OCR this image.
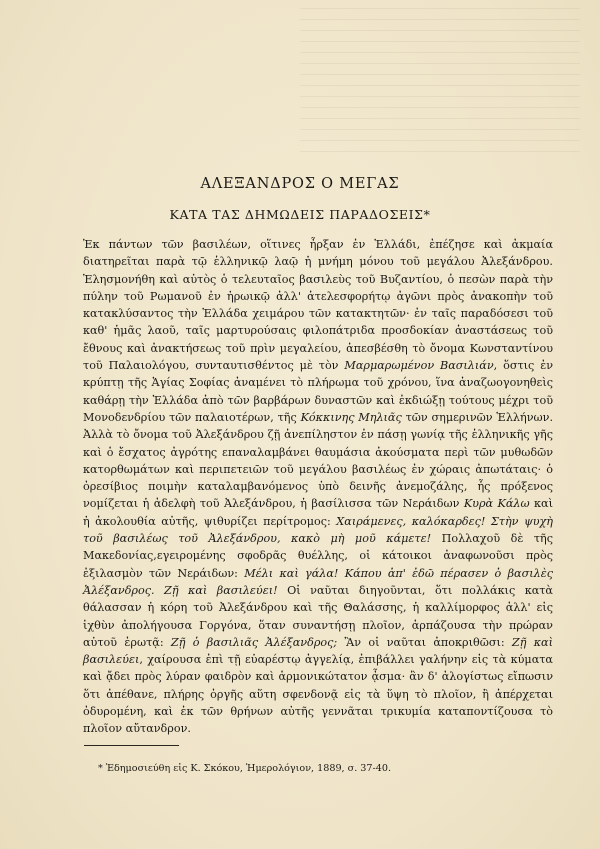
ΑΛΕΞΑΝΔΡΟΣ Ο ΜΕΓΑΣ
ΚΑΤΑ ΤΑΣ ΔΗΜΩΔΕΙΣ ΠΑΡΑΔΟΣΕΙΣ*
Ἐκ πάντων τῶν βασιλέων, οἵτινες ἦρξαν ἐν Ἑλλάδι, ἐπέζησε καὶ ἀκμαία διατηρεῖται παρὰ τῷ ἑλληνικῷ λαῷ ἡ μνήμη μόνου τοῦ μεγάλου Ἀλεξάνδρου. Ἐλησμονήθη καὶ αὐτὸς ὁ τελευταῖος βασιλεὺς τοῦ Βυζαντίου, ὁ πεσὼν παρὰ τὴν πύλην τοῦ Ρωμανοῦ ἐν ἡρωικῷ ἀλλ' ἀτελεσφορήτῳ ἀγῶνι πρὸς ἀνακοπὴν τοῦ κατακλύσαντος τὴν Ἑλλάδα χειμάρου τῶν κατακτητῶν· ἐν ταῖς παραδόσεσι τοῦ καθ' ἡμᾶς λαοῦ, ταῖς μαρτυρούσαις φιλοπάτριδα προσδοκίαν ἀναστάσεως τοῦ ἔθνους καὶ ἀνακτήσεως τοῦ πρὶν μεγαλείου, ἀπεσβέσθη τὸ ὄνομα Κωνσταντίνου τοῦ Παλαιολόγου, συνταυτισθέντος μὲ τὸν Μαρμαρωμένον Βασιλιάν, ὅστις ἐν κρύπτῃ τῆς Ἁγίας Σοφίας ἀναμένει τὸ πλήρωμα τοῦ χρόνου, ἵνα ἀναζωογονηθεὶς καθάρῃ τὴν Ἑλλάδα ἀπὸ τῶν βαρβάρων δυναστῶν καὶ ἐκδιώξῃ τούτους μέχρι τοῦ Μονοδενδρίου τῶν παλαιοτέρων, τῆς Κόκκινης Μηλιᾶς τῶν σημερινῶν Ἑλλήνων. Ἀλλὰ τὸ ὄνομα τοῦ Ἀλεξάνδρου ζῇ ἀνεπίληστον ἐν πάσῃ γωνίᾳ τῆς ἑλληνικῆς γῆς καὶ ὁ ἔσχατος ἀγρότης επαναλαμβάνει θαυμάσια ἀκούσματα περὶ τῶν μυθωδῶν κατορθωμάτων καὶ περιπετειῶν τοῦ μεγάλου βασιλέως ἐν χώραις ἀπωτάταις· ὁ ὀρεσίβιος ποιμὴν καταλαμβανόμενος ὑπὸ δεινῆς ἀνεμοζάλης, ἧς πρόξενος νομίζεται ἡ ἀδελφὴ τοῦ Ἀλεξάνδρου, ἡ βασίλισσα τῶν Νεράιδων Κυρὰ Κάλω καὶ ἡ ἀκολουθία αὐτῆς, ψιθυρίζει περίτρομος: Χαιράμενες, καλόκαρδες! Στὴν ψυχὴ τοῦ βασιλέως τοῦ Ἀλεξάνδρου, κακὸ μὴ μοῦ κάμετε! Πολλαχοῦ δὲ τῆς Μακεδονίας,εγειρομένης σφοδρᾶς θυέλλης, οἱ κάτοικοι ἀναφωνοῦσι πρὸς ἐξιλασμὸν τῶν Νεράιδων: Μέλι καὶ γάλα! Κάπου ἀπ' ἐδῶ πέρασεν ὁ βασιλὲς Ἀλέξανδρος. Ζῇ καὶ βασιλεύει! Οἱ ναῦται διηγοῦνται, ὅτι πολλάκις κατὰ θάλασσαν ἡ κόρη τοῦ Ἀλεξάνδρου καὶ τῆς Θαλάσσης, ἡ καλλίμορφος ἀλλ' εἰς ἰχθὺν ἀπολήγουσα Γοργόνα, ὅταν συναντήσῃ πλοῖον, ἁρπάζουσα τὴν πρώραν αὐτοῦ ἐρωτᾷ: Ζῇ ὁ βασιλιᾶς Ἀλέξανδρος; Ἂν οἱ ναῦται ἀποκριθῶσι: Ζῇ καὶ βασιλεύει, χαίρουσα ἐπὶ τῇ εὐαρέστῳ ἀγγελίᾳ, ἐπιβάλλει γαλήνην εἰς τὰ κύματα καὶ ᾄδει πρὸς λύραν φαιδρὸν καὶ ἁρμονικώτατον ᾆσμα· ἂν δ' ἀλογίστως εἴπωσιν ὅτι ἀπέθανε, πλήρης ὀργῆς αὕτη σφενδονᾷ εἰς τὰ ὕψη τὸ πλοῖον, ἢ ἀπέρχεται ὀδυρομένη, καὶ ἐκ τῶν θρήνων αὐτῆς γεννᾶται τρικυμία καταποντίζουσα τὸ πλοῖον αὔτανδρον.
* Ἐδημοσιεύθη εἰς Κ. Σκόκου, Ἡμερολόγιον, 1889, σ. 37-40.
